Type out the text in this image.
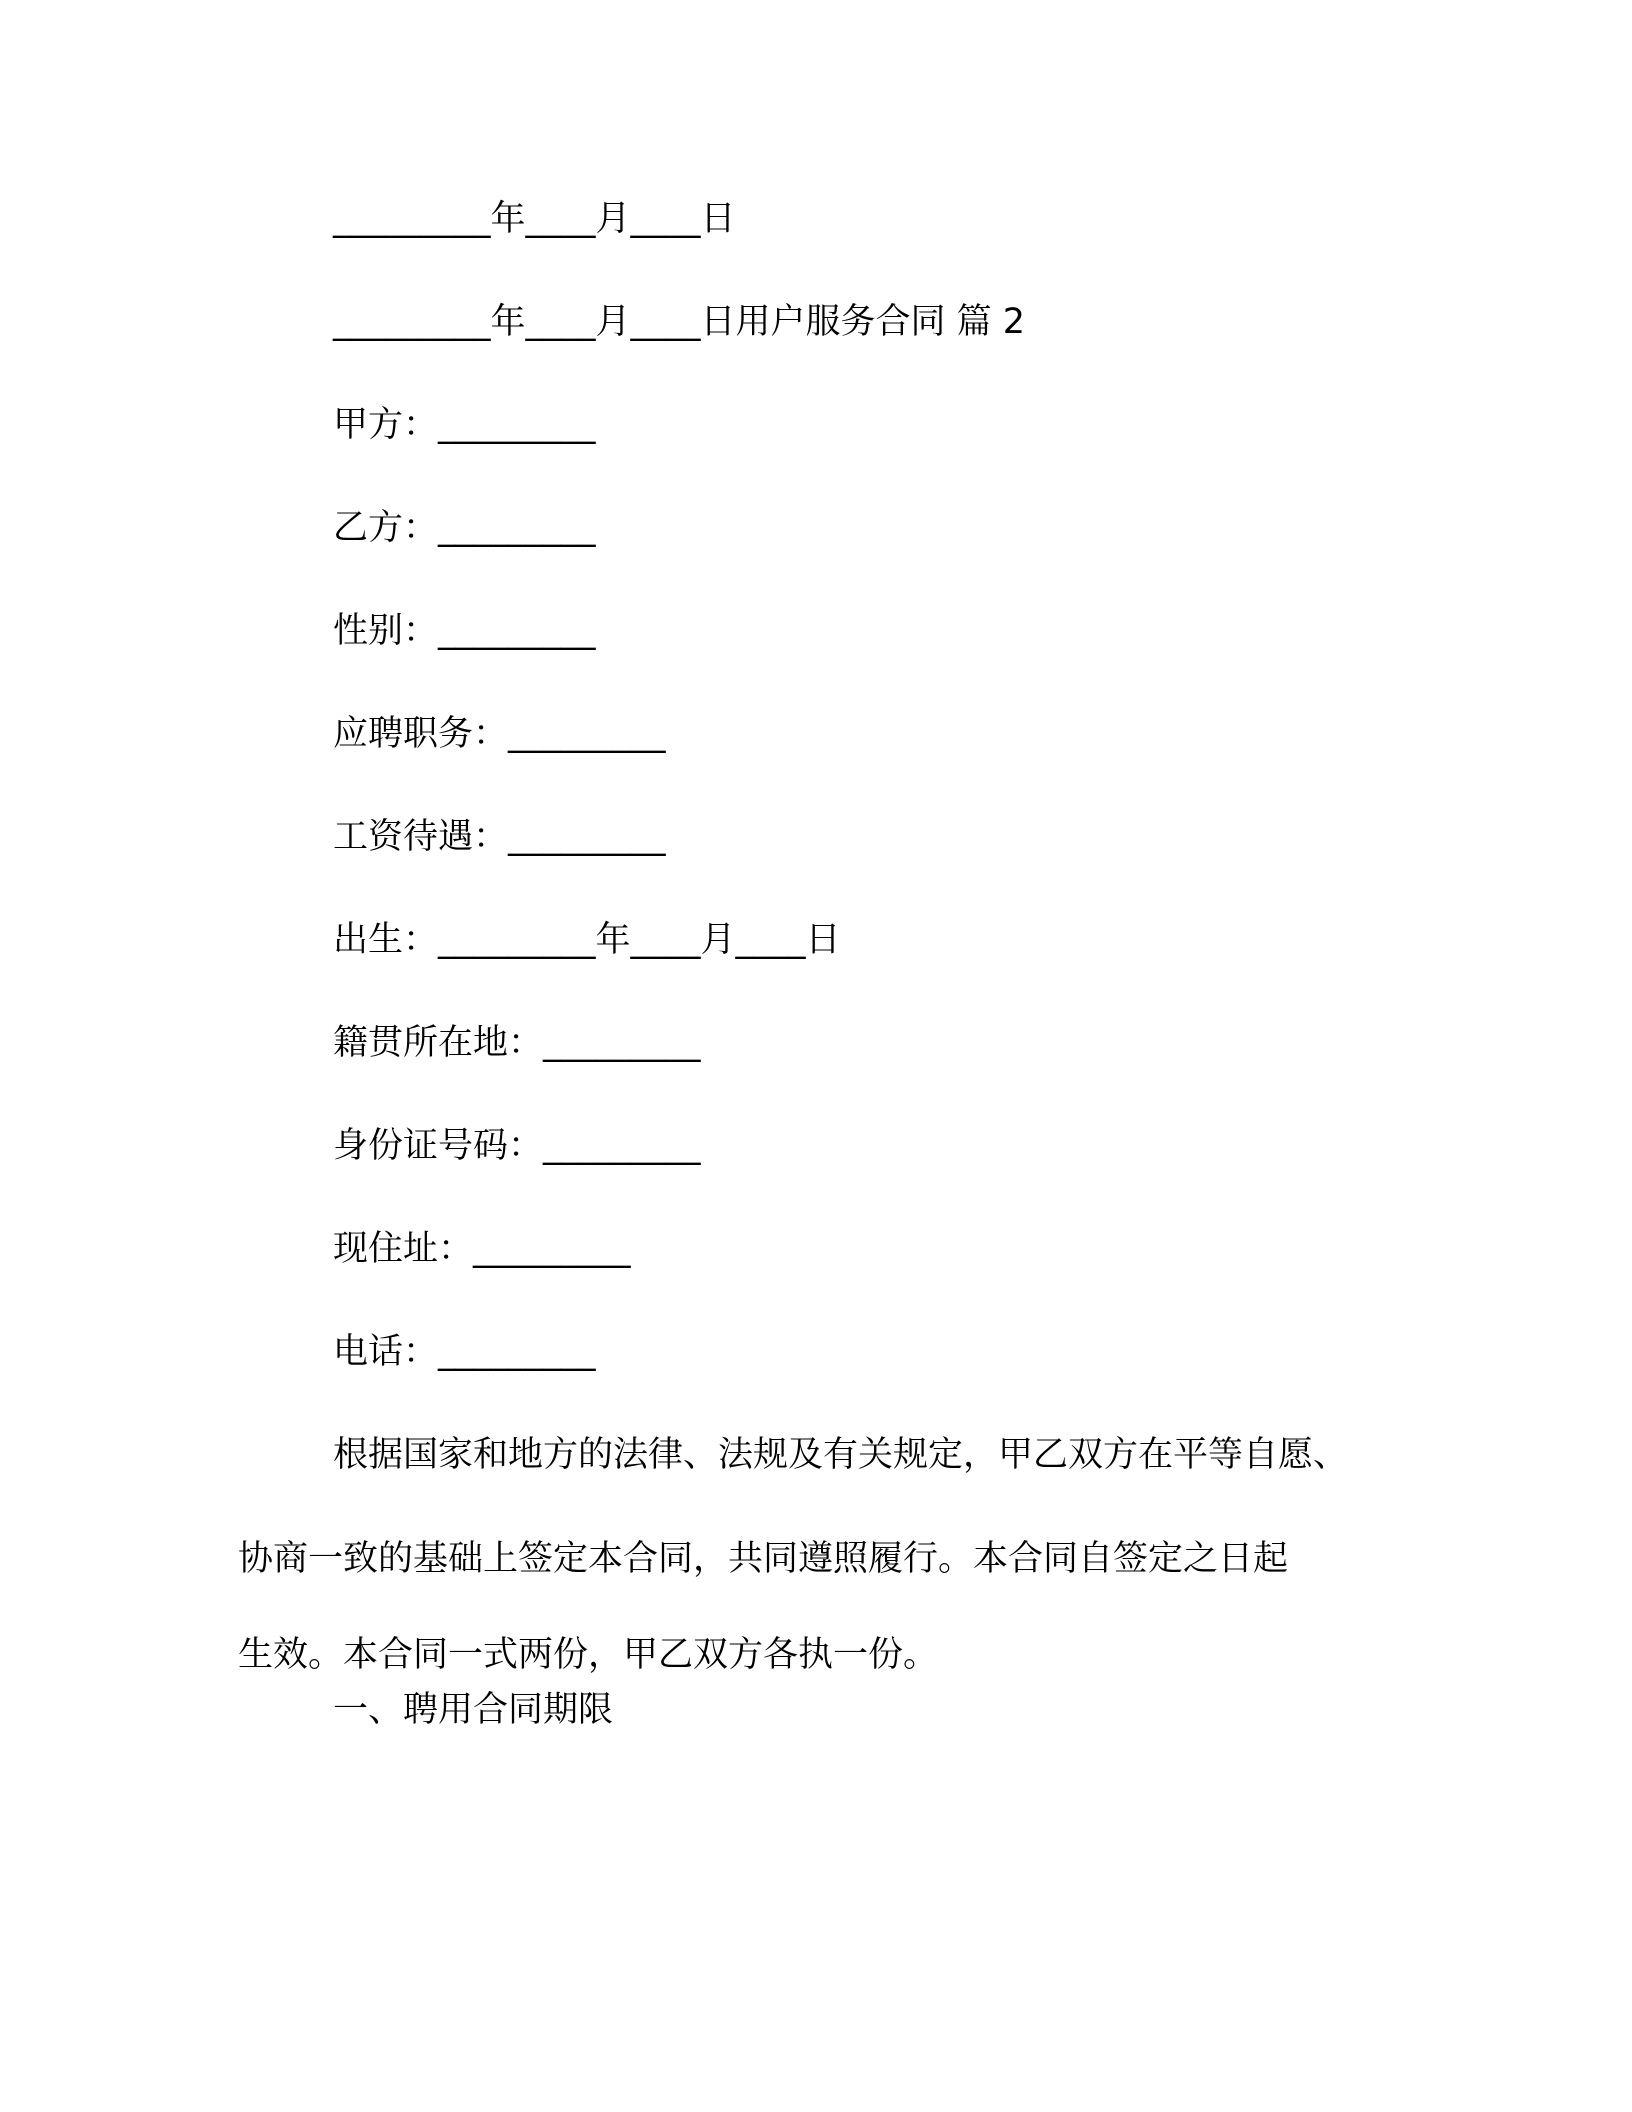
_________年____月____日
_________年____月____日用户服务合同 篇 2
甲方：_________
乙方：_________
性别：_________
应聘职务：_________
工资待遇：_________
出生：_________年____月____日
籍贯所在地：_________
身份证号码：_________
现住址：_________
电话：_________
根据国家和地方的法律、法规及有关规定，甲乙双方在平等自愿、
协商一致的基础上签定本合同，共同遵照履行。本合同自签定之日起
生效。本合同一式两份，甲乙双方各执一份。
一、聘用合同期限
